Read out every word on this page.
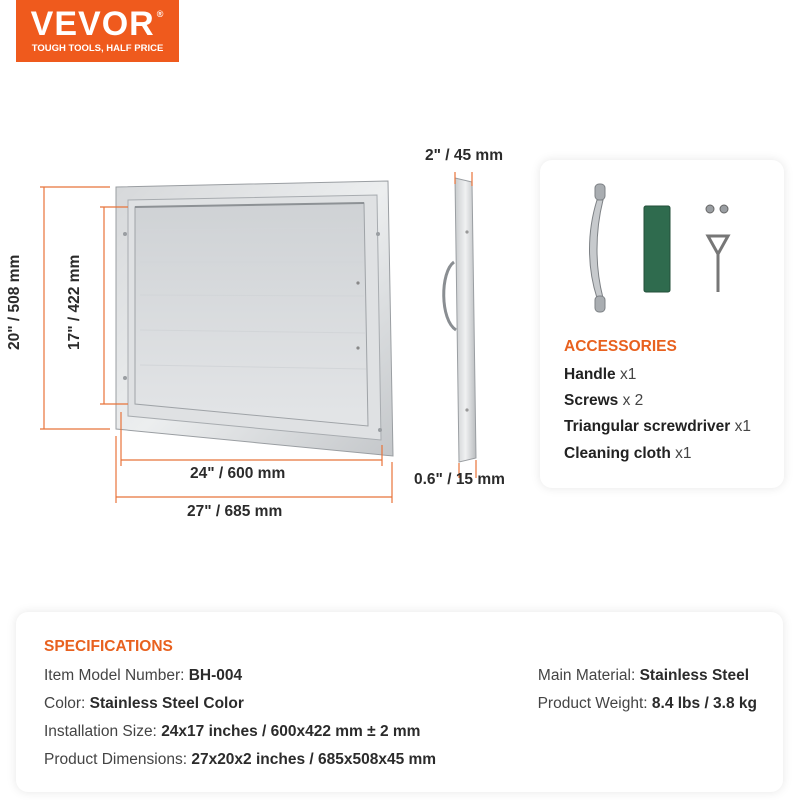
VEVOR ®
TOUGH TOOLS, HALF PRICE
20" / 508 mm	17" / 422 mm
24" / 600 mm
27" / 685 mm
2" / 45 mm
0.6" / 15 mm
ACCESSORIES
Handle x1
Screws x 2
Triangular screwdriver x1
Cleaning cloth x1
SPECIFICATIONS
Item Model Number: BH-004
Color: Stainless Steel Color
Installation Size: 24x17 inches / 600x422 mm ± 2 mm
Product Dimensions: 27x20x2 inches / 685x508x45 mm
Main Material: Stainless Steel
Product Weight: 8.4 lbs / 3.8 kg
